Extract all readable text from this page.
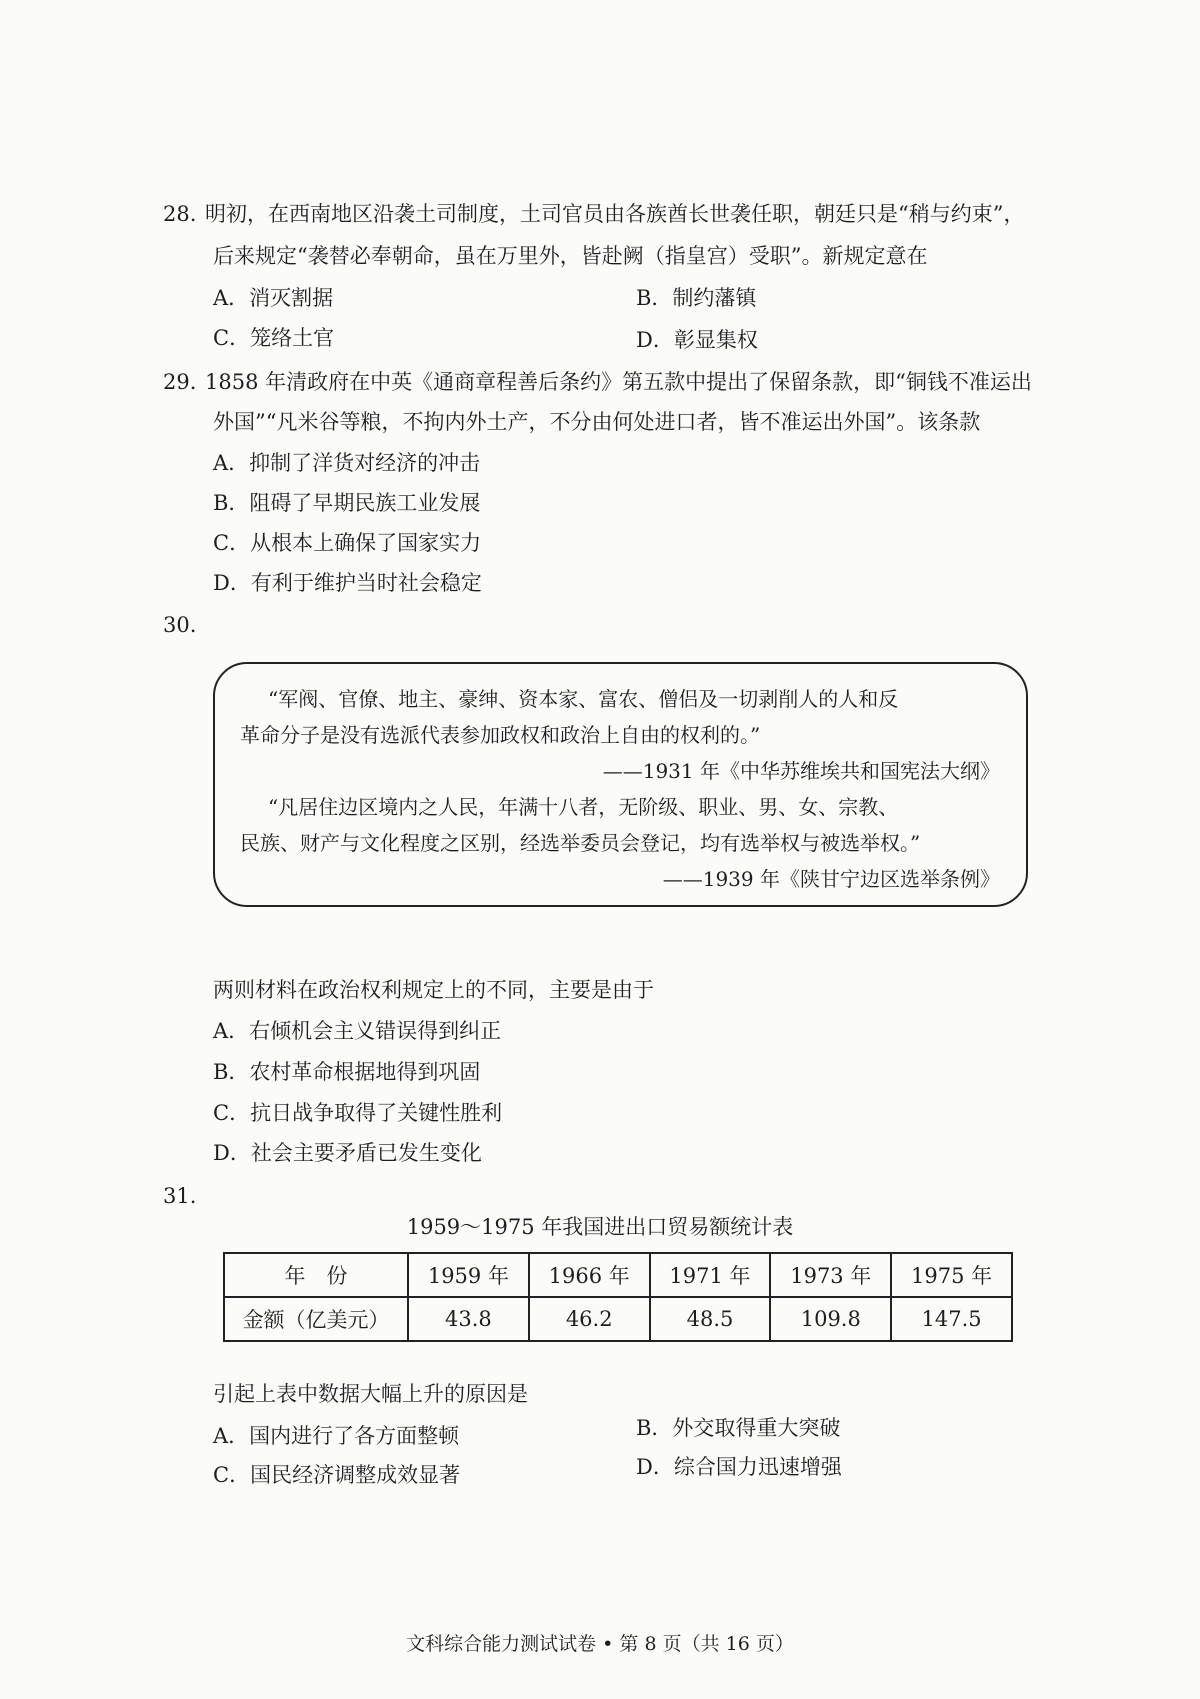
28. 明初，在西南地区沿袭土司制度，土司官员由各族酋长世袭任职，朝廷只是“稍与约束”，
后来规定“袭替必奉朝命，虽在万里外，皆赴阙（指皇宫）受职”。新规定意在
A．消灭割据	B．制约藩镇
C．笼络土官	D．彰显集权
29. 1858 年清政府在中英《通商章程善后条约》第五款中提出了保留条款，即“铜钱不准运出
外国”“凡米谷等粮，不拘内外土产，不分由何处进口者，皆不准运出外国”。该条款
A．抑制了洋货对经济的冲击
B．阻碍了早期民族工业发展
C．从根本上确保了国家实力
D．有利于维护当时社会稳定
30.
“军阀、官僚、地主、豪绅、资本家、富农、僧侣及一切剥削人的人和反
革命分子是没有选派代表参加政权和政治上自由的权利的。”
——1931 年《中华苏维埃共和国宪法大纲》
“凡居住边区境内之人民，年满十八者，无阶级、职业、男、女、宗教、
民族、财产与文化程度之区别，经选举委员会登记，均有选举权与被选举权。”
——1939 年《陕甘宁边区选举条例》
两则材料在政治权利规定上的不同，主要是由于
A．右倾机会主义错误得到纠正
B．农村革命根据地得到巩固
C．抗日战争取得了关键性胜利
D．社会主要矛盾已发生变化
31.
1959～1975 年我国进出口贸易额统计表
年　份	1959 年	1966 年	1971 年	1973 年	1975 年
金额（亿美元）	43.8	46.2	48.5	109.8	147.5
引起上表中数据大幅上升的原因是
A．国内进行了各方面整顿	B．外交取得重大突破
C．国民经济调整成效显著	D．综合国力迅速增强
文科综合能力测试试卷 • 第 8 页（共 16 页）
